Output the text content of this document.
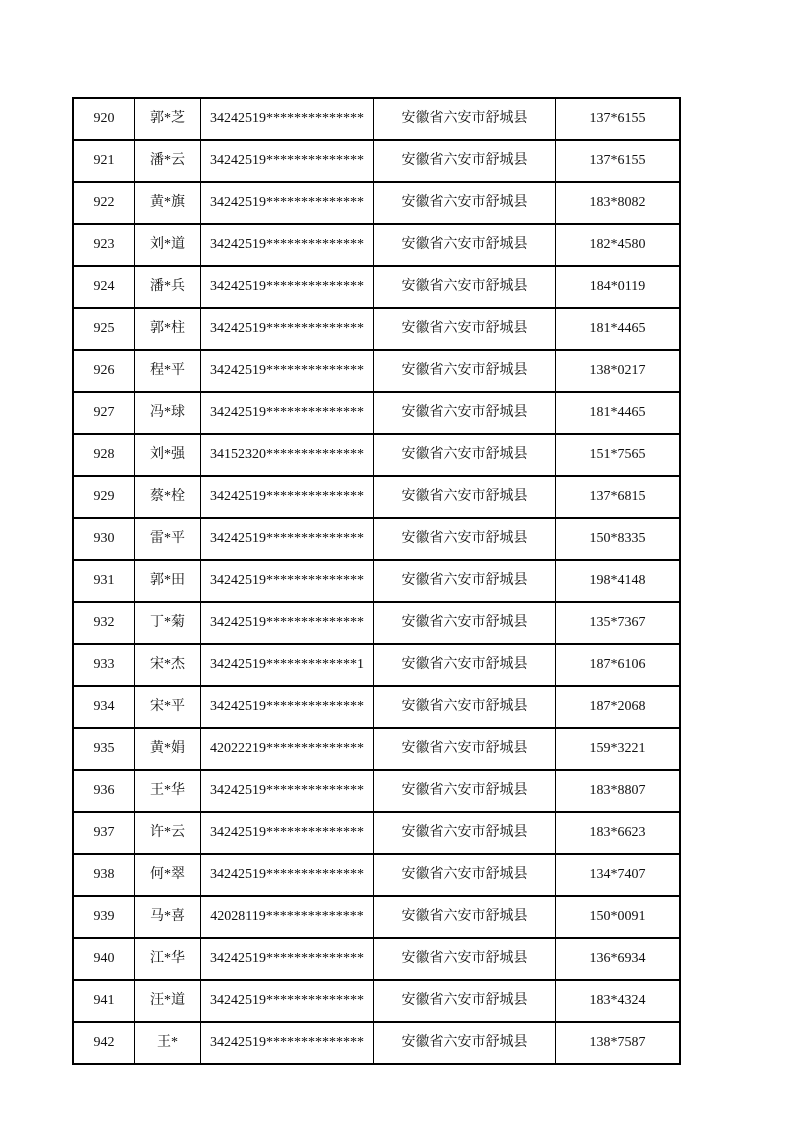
920	郭*芝	34242519**************	安徽省六安市舒城县	137*6155
921	潘*云	34242519**************	安徽省六安市舒城县	137*6155
922	黄*旗	34242519**************	安徽省六安市舒城县	183*8082
923	刘*道	34242519**************	安徽省六安市舒城县	182*4580
924	潘*兵	34242519**************	安徽省六安市舒城县	184*0119
925	郭*柱	34242519**************	安徽省六安市舒城县	181*4465
926	程*平	34242519**************	安徽省六安市舒城县	138*0217
927	冯*球	34242519**************	安徽省六安市舒城县	181*4465
928	刘*强	34152320**************	安徽省六安市舒城县	151*7565
929	蔡*栓	34242519**************	安徽省六安市舒城县	137*6815
930	雷*平	34242519**************	安徽省六安市舒城县	150*8335
931	郭*田	34242519**************	安徽省六安市舒城县	198*4148
932	丁*菊	34242519**************	安徽省六安市舒城县	135*7367
933	宋*杰	34242519*************1	安徽省六安市舒城县	187*6106
934	宋*平	34242519**************	安徽省六安市舒城县	187*2068
935	黄*娟	42022219**************	安徽省六安市舒城县	159*3221
936	王*华	34242519**************	安徽省六安市舒城县	183*8807
937	许*云	34242519**************	安徽省六安市舒城县	183*6623
938	何*翠	34242519**************	安徽省六安市舒城县	134*7407
939	马*喜	42028119**************	安徽省六安市舒城县	150*0091
940	江*华	34242519**************	安徽省六安市舒城县	136*6934
941	汪*道	34242519**************	安徽省六安市舒城县	183*4324
942	王*	34242519**************	安徽省六安市舒城县	138*7587
